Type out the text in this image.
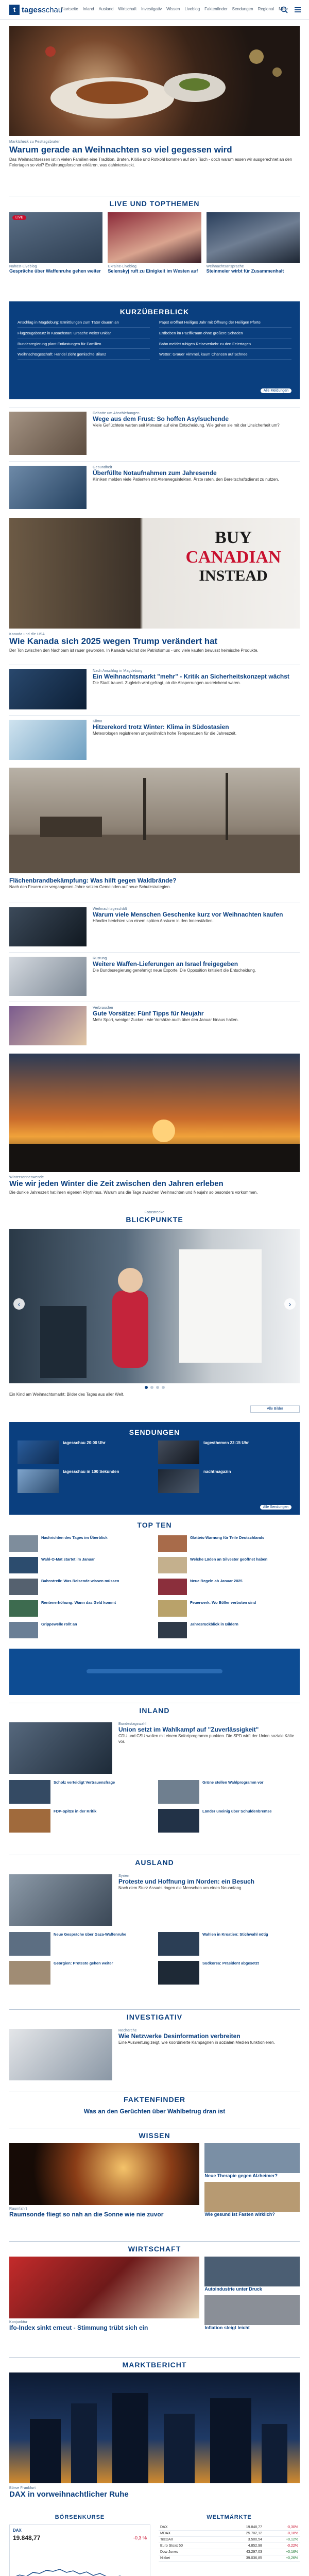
t tagesschau
Startseite Inland Ausland Wirtschaft Investigativ Wissen Liveblog Faktenfinder Sendungen Regional Mehr
Marktcheck zu Festtagsbraten
Warum gerade an Weihnachten so viel gegessen wird
Das Weihnachtsessen ist in vielen Familien eine Tradition. Braten, Klöße und Rotkohl kommen auf den Tisch - doch warum essen wir ausgerechnet an den Feiertagen so viel? Ernährungsforscher erklären, was dahintersteckt.
LIVE UND TOPTHEMEN
LIVE
Nahost-Liveblog
Gespräche über Waffenruhe gehen weiter
Ukraine-Liveblog
Selenskyj ruft zu Einigkeit im Westen auf
Weihnachtsansprache
Steinmeier wirbt für Zusammenhalt
KURZÜBERBLICK
Anschlag in Magdeburg: Ermittlungen zum Täter dauern an	Papst eröffnet Heiliges Jahr mit Öffnung der Heiligen Pforte
Flugzeugabsturz in Kasachstan: Ursache weiter unklar	Erdbeben im Pazifikraum ohne größere Schäden
Bundesregierung plant Entlastungen für Familien	Bahn meldet ruhigen Reiseverkehr zu den Feiertagen
Weihnachtsgeschäft: Handel zieht gemischte Bilanz	Wetter: Grauer Himmel, kaum Chancen auf Schnee
Alle Meldungen
Debatte um Abschiebungen
Wege aus dem Frust: So hoffen Asylsuchende
Viele Geflüchtete warten seit Monaten auf eine Entscheidung. Wie gehen sie mit der Unsicherheit um?
Gesundheit
Überfüllte Notaufnahmen zum Jahresende
Kliniken melden viele Patienten mit Atemwegsinfekten. Ärzte raten, den Bereitschaftsdienst zu nutzen.
BUY
CANADIAN
INSTEAD
Kanada und die USA
Wie Kanada sich 2025 wegen Trump verändert hat
Der Ton zwischen den Nachbarn ist rauer geworden. In Kanada wächst der Patriotismus - und viele kaufen bewusst heimische Produkte.
Nach Anschlag in Magdeburg
Ein Weihnachtsmarkt "mehr" - Kritik an Sicherheitskonzept wächst
Die Stadt trauert. Zugleich wird gefragt, ob die Absperrungen ausreichend waren.
Klima
Hitzerekord trotz Winter: Klima in Südostasien
Meteorologen registrieren ungewöhnlich hohe Temperaturen für die Jahreszeit.
Flächenbrandbekämpfung: Was hilft gegen Waldbrände?
Nach den Feuern der vergangenen Jahre setzen Gemeinden auf neue Schutzstrategien.
Weihnachtsgeschäft
Warum viele Menschen Geschenke kurz vor Weihnachten kaufen
Händler berichten von einem späten Ansturm in den Innenstädten.
Rüstung
Weitere Waffen-Lieferungen an Israel freigegeben
Die Bundesregierung genehmigt neue Exporte. Die Opposition kritisiert die Entscheidung.
Verbraucher
Gute Vorsätze: Fünf Tipps für Neujahr
Mehr Sport, weniger Zucker - wie Vorsätze auch über den Januar hinaus halten.
Wintersonnenwende
Wie wir jeden Winter die Zeit zwischen den Jahren erleben
Die dunkle Jahreszeit hat ihren eigenen Rhythmus. Warum uns die Tage zwischen Weihnachten und Neujahr so besonders vorkommen.
Fotostrecke
BLICKPUNKTE
‹	›
Ein Kind am Weihnachtsmarkt: Bilder des Tages aus aller Welt.
Alle Bilder
SENDUNGEN
tagesschau 20:00 Uhr	tagesthemen 22:15 Uhr
tagesschau in 100 Sekunden	nachtmagazin
Alle Sendungen
TOP TEN
Nachrichten des Tages im Überblick	Glatteis-Warnung für Teile Deutschlands
Wahl-O-Mat startet im Januar	Welche Läden an Silvester geöffnet haben
Bahnstreik: Was Reisende wissen müssen	Neue Regeln ab Januar 2025
Rentenerhöhung: Wann das Geld kommt	Feuerwerk: Wo Böller verboten sind
Grippewelle rollt an	Jahresrückblick in Bildern
INLAND
Bundestagswahl
Union setzt im Wahlkampf auf "Zuverlässigkeit"
CDU und CSU wollen mit einem Sofortprogramm punkten. Die SPD wirft der Union soziale Kälte vor.
Scholz verteidigt Vertrauensfrage	Grüne stellen Wahlprogramm vor
FDP-Spitze in der Kritik	Länder uneinig über Schuldenbremse
AUSLAND
Syrien
Proteste und Hoffnung im Norden: ein Besuch
Nach dem Sturz Assads ringen die Menschen um einen Neuanfang.
Neue Gespräche über Gaza-Waffenruhe	Wahlen in Kroatien: Stichwahl nötig
Georgien: Proteste gehen weiter	Südkorea: Präsident abgesetzt
INVESTIGATIV
Recherche
Wie Netzwerke Desinformation verbreiten
Eine Auswertung zeigt, wie koordinierte Kampagnen in sozialen Medien funktionieren.
FAKTENFINDER
Was an den Gerüchten über Wahlbetrug dran ist
WISSEN
Raumfahrt
Raumsonde fliegt so nah an die Sonne wie nie zuvor
Neue Therapie gegen Alzheimer?
Wie gesund ist Fasten wirklich?
WIRTSCHAFT
Konjunktur
Ifo-Index sinkt erneut - Stimmung trübt sich ein
Autoindustrie unter Druck
Inflation steigt leicht
MARKTBERICHT
Börse Frankfurt
DAX in vorweihnachtlicher Ruhe
BÖRSENKURSE
DAX
19.848,77	-0,3 %
WELTMÄRKTE
DAX	19.848,77	-0,30%
MDAX	25.702,12	-0,18%
TecDAX	3.500,54	+0,12%
Euro Stoxx 50	4.852,98	-0,22%
Dow Jones	43.297,03	+0,16%
Nikkei	39.036,85	+0,26%
